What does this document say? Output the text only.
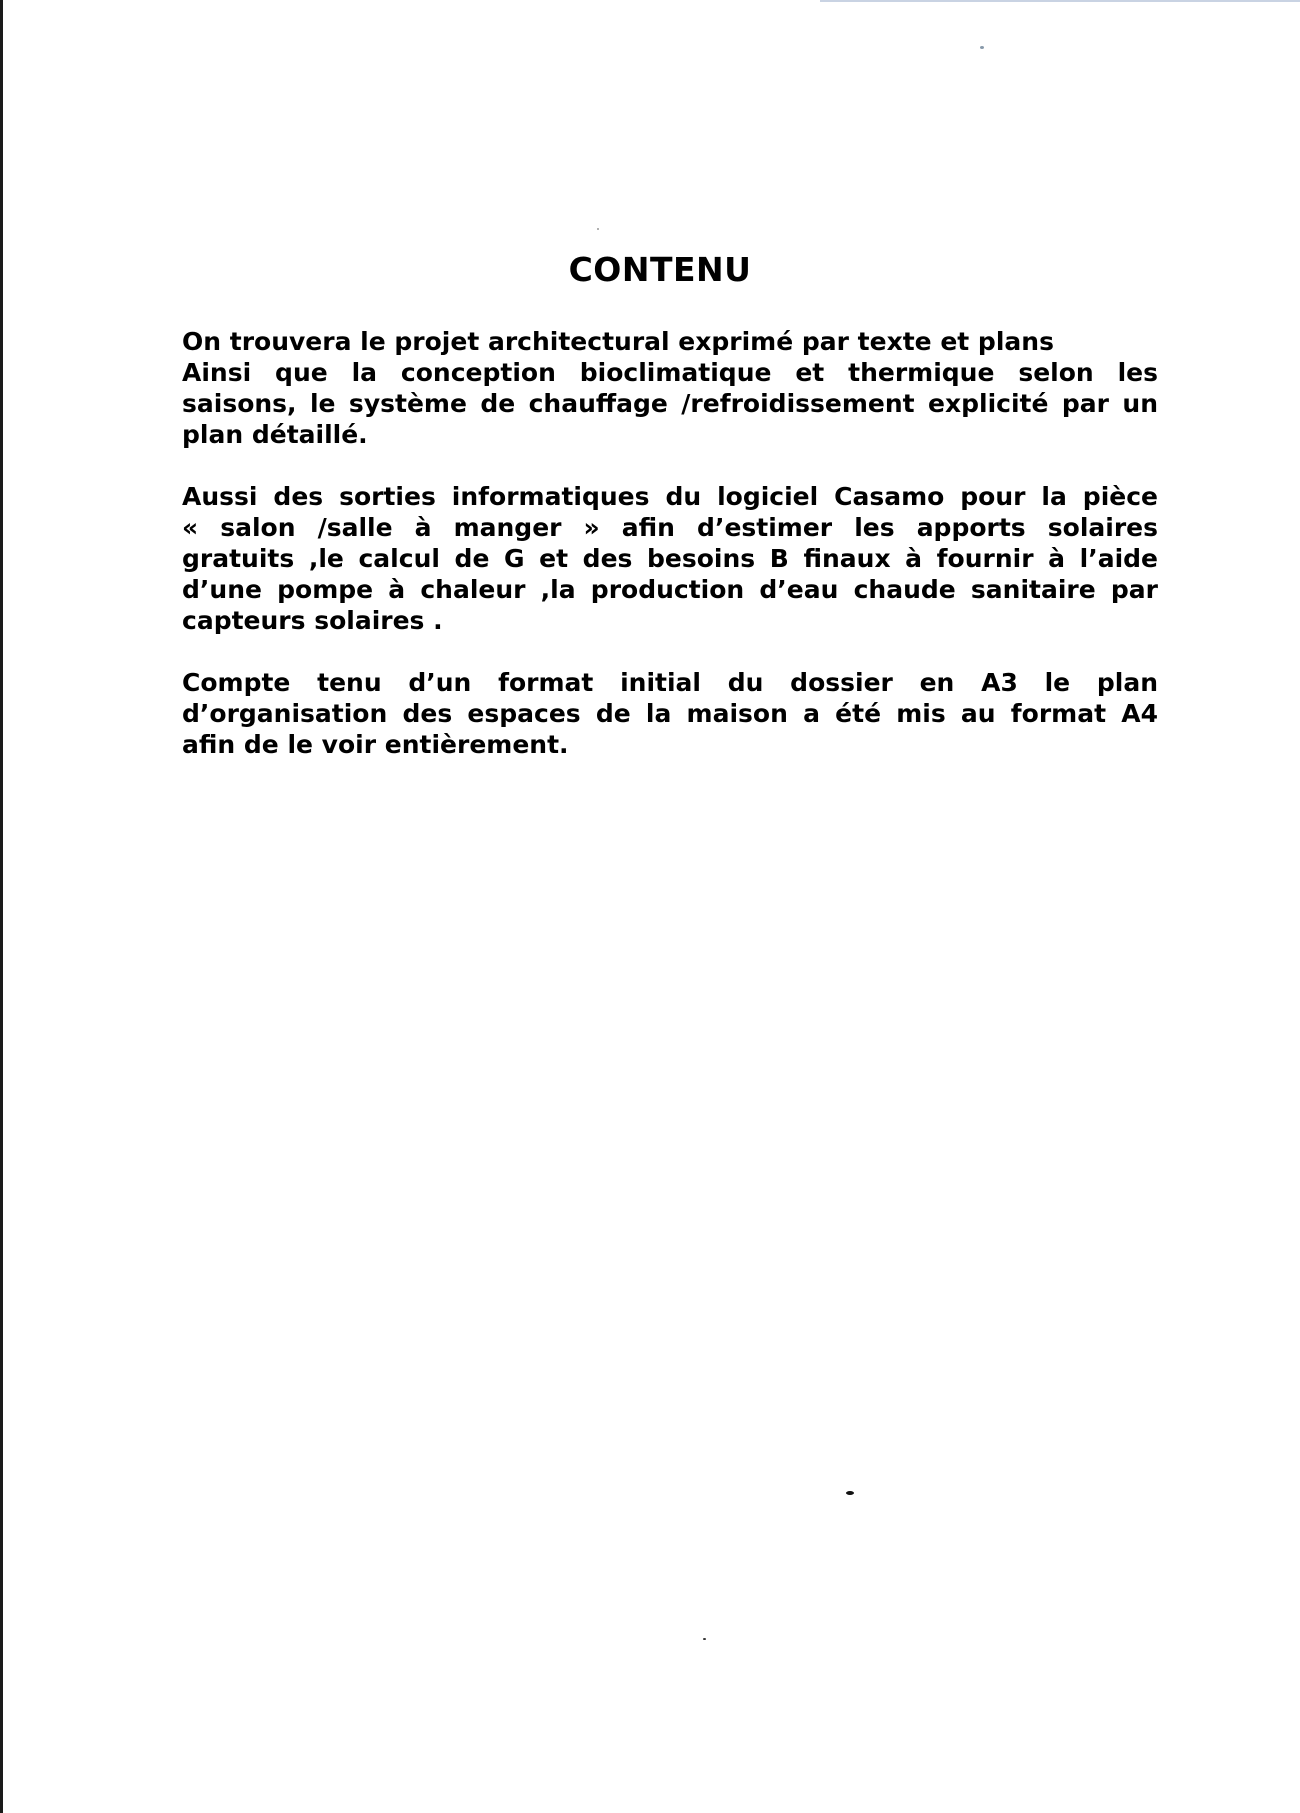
CONTENU

On trouvera le projet architectural exprimé par texte et plans
Ainsi que la conception bioclimatique et thermique selon les
saisons, le système de chauffage /refroidissement explicité par un
plan détaillé.

Aussi des sorties informatiques du logiciel Casamo pour la pièce
« salon /salle à manger » afin d’estimer les apports solaires
gratuits ,le calcul de G et des besoins B finaux à fournir à l’aide
d’une pompe à chaleur ,la production d’eau chaude sanitaire par
capteurs solaires .

Compte tenu d’un format initial du dossier en A3 le plan
d’organisation des espaces de la maison a été mis au format A4
afin de le voir entièrement.
